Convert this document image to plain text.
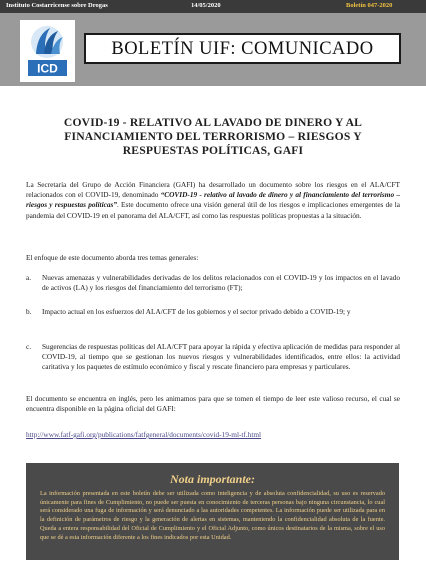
Instituto Costarricense sobre Drogas	14/05/2020	Boletín 047-2020
ICD
BOLETÍN UIF: COMUNICADO
COVID-19 - RELATIVO AL LAVADO DE DINERO Y AL FINANCIAMIENTO DEL TERRORISMO – RIESGOS Y RESPUESTAS POLÍTICAS, GAFI
La Secretaría del Grupo de Acción Financiera (GAFI) ha desarrollado un documento sobre los riesgos en el ALA/CFT relacionados con el COVID-19, denominado “COVID-19 - relativo al lavado de dinero y al financiamiento del terrorismo – riesgos y respuestas políticas”. Este documento ofrece una visión general útil de los riesgos e implicaciones emergentes de la pandemia del COVID-19 en el panorama del ALA/CFT, así como las respuestas políticas propuestas a la situación.
El enfoque de este documento aborda tres temas generales:
a. Nuevas amenazas y vulnerabilidades derivadas de los delitos relacionados con el COVID-19 y los impactos en el lavado de activos (LA) y los riesgos del financiamiento del terrorismo (FT);
b. Impacto actual en los esfuerzos del ALA/CFT de los gobiernos y el sector privado debido a COVID-19; y
c. Sugerencias de respuestas políticas del ALA/CFT para apoyar la rápida y efectiva aplicación de medidas para responder al COVID-19, al tiempo que se gestionan los nuevos riesgos y vulnerabilidades identificados, entre ellos: la actividad caritativa y los paquetes de estímulo económico y fiscal y rescate financiero para empresas y particulares.
El documento se encuentra en inglés, pero les animamos para que se tomen el tiempo de leer este valioso recurso, el cual se encuentra disponible en la página oficial del GAFI:
http://www.fatf-gafi.org/publications/fatfgeneral/documents/covid-19-ml-tf.html
Nota importante:
La información presentada en este boletín debe ser utilizada como inteligencia y de absoluta confidencialidad, su uso es reservado únicamente para fines de Cumplimiento, no puede ser puesta en conocimiento de terceras personas bajo ninguna circunstancia, lo cual será considerado una fuga de información y será denunciado a las autoridades competentes. La información puede ser utilizada para en la definición de parámetros de riesgo y la generación de alertas en sistemas, manteniendo la confidencialidad absoluta de la fuente. Queda a entera responsabilidad del Oficial de Cumplimiento y el Oficial Adjunto, como únicos destinatarios de la misma, sobre el uso que se dé a esta información diferente a los fines indicados por esta Unidad.
